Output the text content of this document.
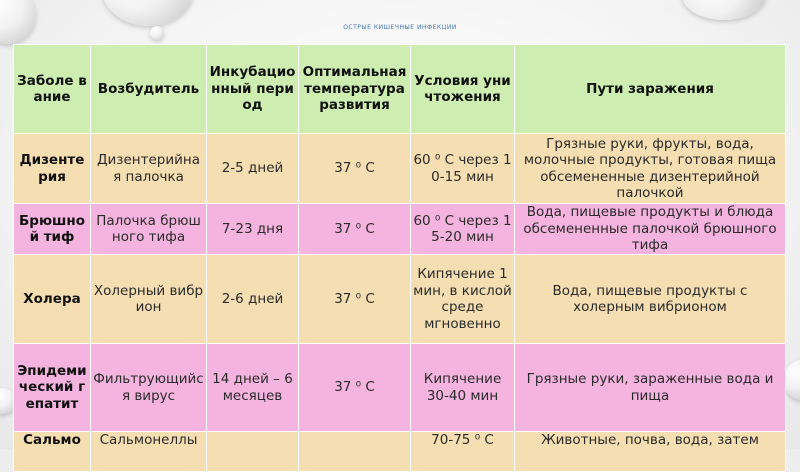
ОСТРЫЕ КИШЕЧНЫЕ ИНФЕКЦИИ
Заболе вание	Возбудитель	Инкубационный период	Оптимальная температура развития	Условия уничтожения	Пути заражения
Дизентерия	Дизентерийная палочка	2-5 дней	37 ⁰ С	60 ⁰ С через 10-15 мин	Грязные руки, фрукты, вода, молочные продукты, готовая пища обсемененные дизентерийной палочкой
Брюшной тиф	Палочка брюшного тифа	7-23 дня	37 ⁰ С	60 ⁰ С через 15-20 мин	Вода, пищевые продукты и блюда обсемененные палочкой брюшного тифа
Холера	Холерный вибрион	2-6 дней	37 ⁰ С	Кипячение 1 мин, в кислой среде мгновенно	Вода, пищевые продукты с холерным вибрионом
Эпидемический гепатит	Фильтрующийся вирус	14 дней – 6 месяцев	37 ⁰ С	Кипячение 30-40 мин	Грязные руки, зараженные вода и пища
Сальмо	Сальмонеллы			70-75 ⁰ С	Животные, почва, вода, затем
